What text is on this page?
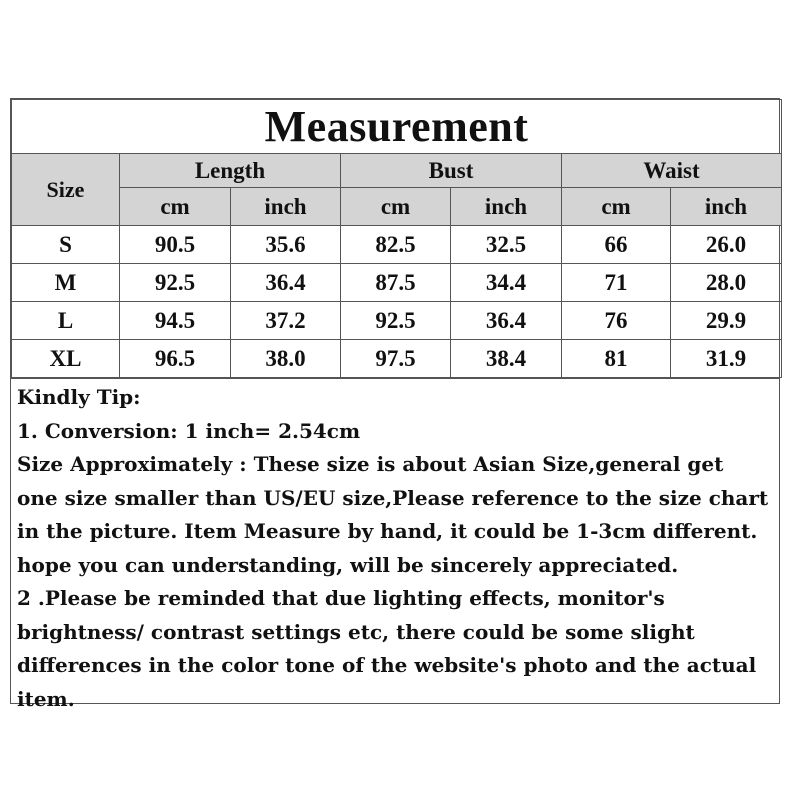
Measurement						
Size	Length		Bust		Waist	
	cm	inch	cm	inch	cm	inch
S	90.5	35.6	82.5	32.5	66	26.0
M	92.5	36.4	87.5	34.4	71	28.0
L	94.5	37.2	92.5	36.4	76	29.9
XL	96.5	38.0	97.5	38.4	81	31.9
Kindly Tip:
1. Conversion: 1 inch= 2.54cm
Size Approximately : These size is about Asian Size,general get
one size smaller than US/EU size,Please reference to the size chart
in the picture. Item Measure by hand, it could be 1-3cm different.
hope you can understanding, will be sincerely appreciated.
2 .Please be reminded that due lighting effects, monitor's
brightness/ contrast settings etc, there could be some slight
differences in the color tone of the website's photo and the actual
item.
